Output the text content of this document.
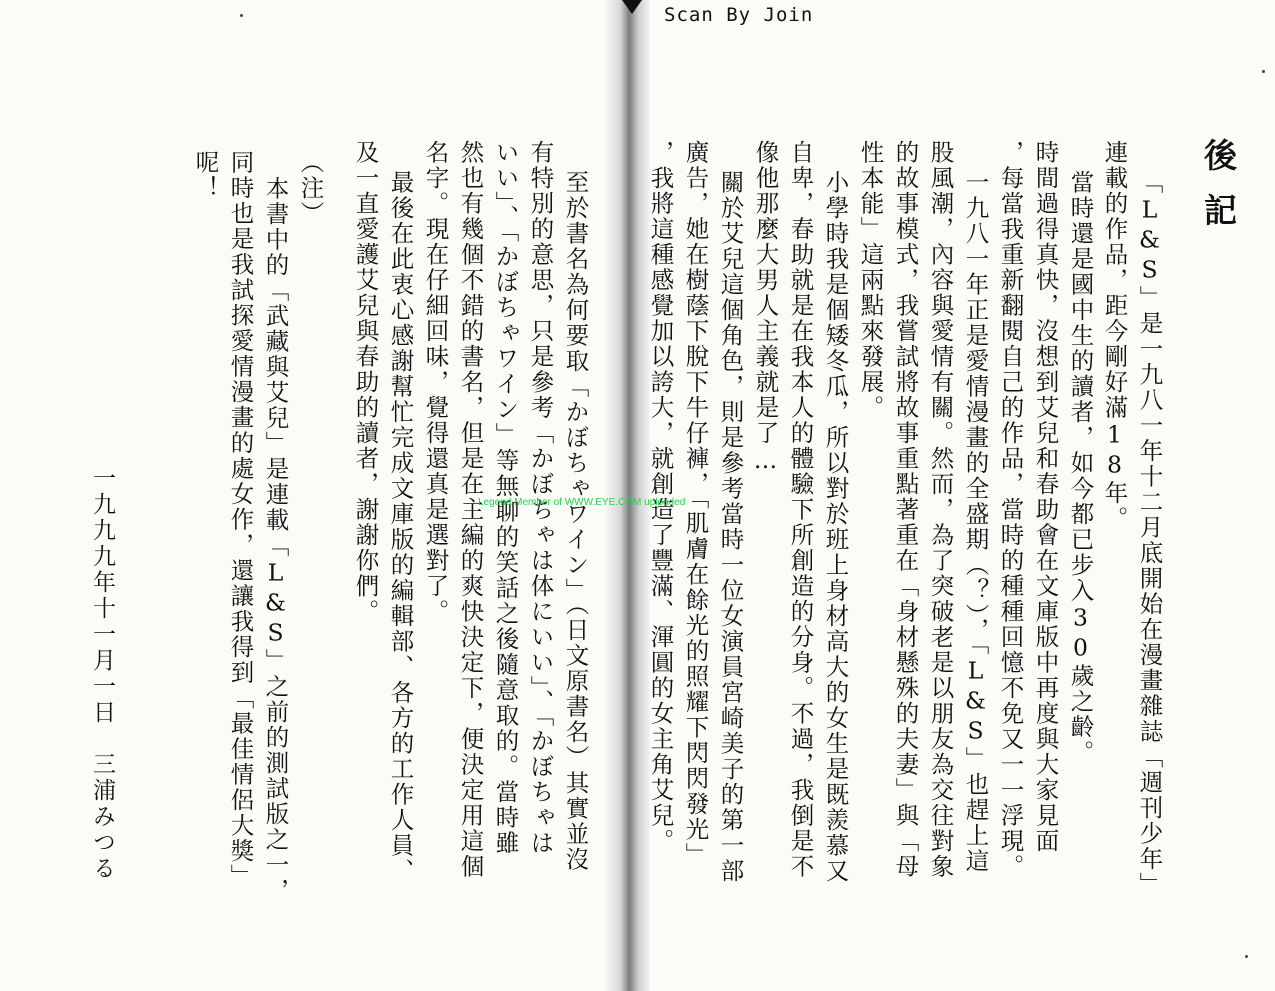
Scan By Join
後記
「L&S」是一九八一年十二月底開始在漫畫雜誌「週刊少年」
連載的作品，距今剛好滿18年。
當時還是國中生的讀者，如今都已步入30歲之齡。
時間過得真快，沒想到艾兒和春助會在文庫版中再度與大家見面
，每當我重新翻閱自己的作品，當時的種種回憶不免又一一浮現。
一九八一年正是愛情漫畫的全盛期（？），「L&S」也趕上這
股風潮，內容與愛情有關。然而，為了突破老是以朋友為交往對象
的故事模式，我嘗試將故事重點著重在「身材懸殊的夫妻」與「母
性本能」這兩點來發展。
小學時我是個矮冬瓜，所以對於班上身材高大的女生是既羨慕又
自卑，春助就是在我本人的體驗下所創造的分身。不過，我倒是不
像他那麼大男人主義就是了…
關於艾兒這個角色，則是參考當時一位女演員宮崎美子的第一部
廣告，她在樹蔭下脫下牛仔褲，「肌膚在餘光的照耀下閃閃發光」
，我將這種感覺加以誇大，就創造了豐滿、渾圓的女主角艾兒。
至於書名為何要取「かぼちゃワイン」（日文原書名）其實並沒
有特別的意思，只是參考「かぼちゃは体にいい」、「かぼちゃは
いい」、「かぼちゃワイン」等無聊的笑話之後隨意取的。當時雖
然也有幾個不錯的書名，但是在主編的爽快決定下，便決定用這個
名字。現在仔細回味，覺得還真是選對了。
最後在此衷心感謝幫忙完成文庫版的編輯部、各方的工作人員、
及一直愛護艾兒與春助的讀者，謝謝你們。
（注）
本書中的「武藏與艾兒」是連載「L&S」之前的測試版之一，
同時也是我試探愛情漫畫的處女作，還讓我得到「最佳情侶大獎」
呢！
一九九九年十一月一日　三浦みつる	Legend Member of WWW.EYE.COM uploaded
